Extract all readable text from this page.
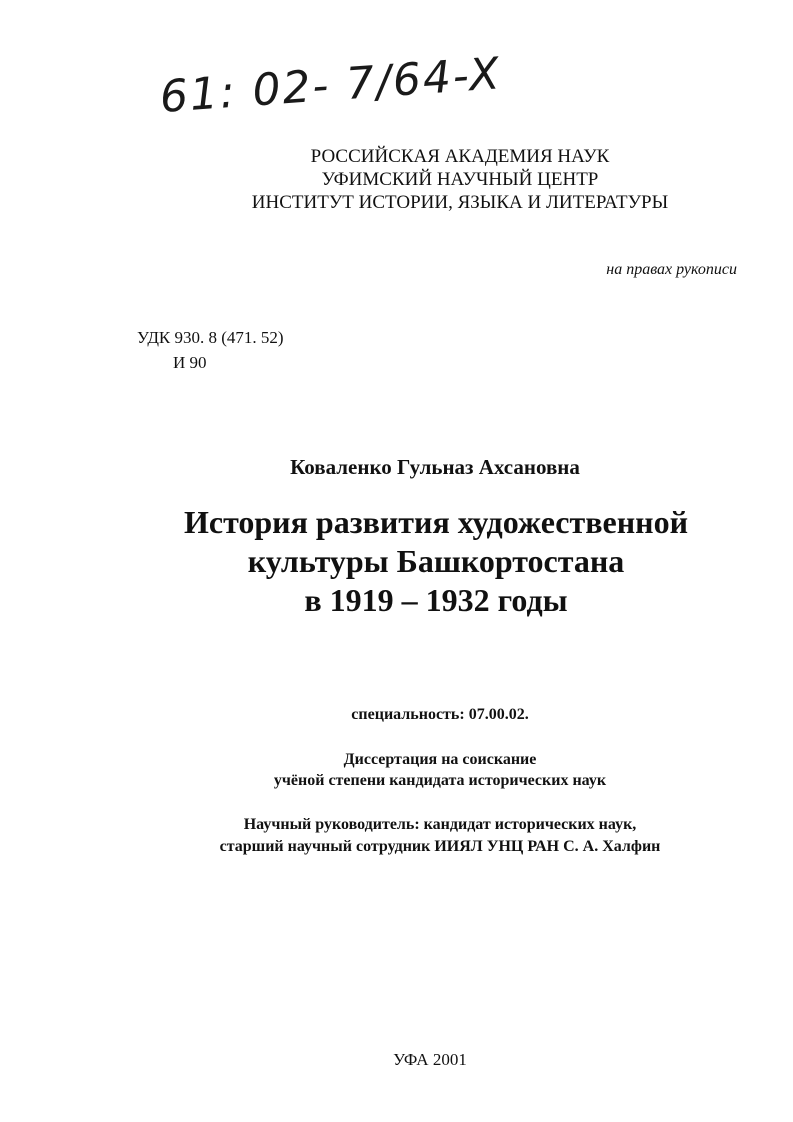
61: 02- 7/64-X
РОССИЙСКАЯ АКАДЕМИЯ НАУК
УФИМСКИЙ НАУЧНЫЙ ЦЕНТР
ИНСТИТУТ ИСТОРИИ, ЯЗЫКА И ЛИТЕРАТУРЫ
на правах рукописи
УДК 930. 8 (471. 52)
И 90
Коваленко Гульназ Ахсановна
История развития художественной
культуры Башкортостана
в 1919 – 1932 годы
специальность: 07.00.02.
Диссертация на соискание
учёной степени кандидата исторических наук
Научный руководитель: кандидат исторических наук,
старший научный сотрудник ИИЯЛ УНЦ РАН С. А. Халфин
УФА 2001
